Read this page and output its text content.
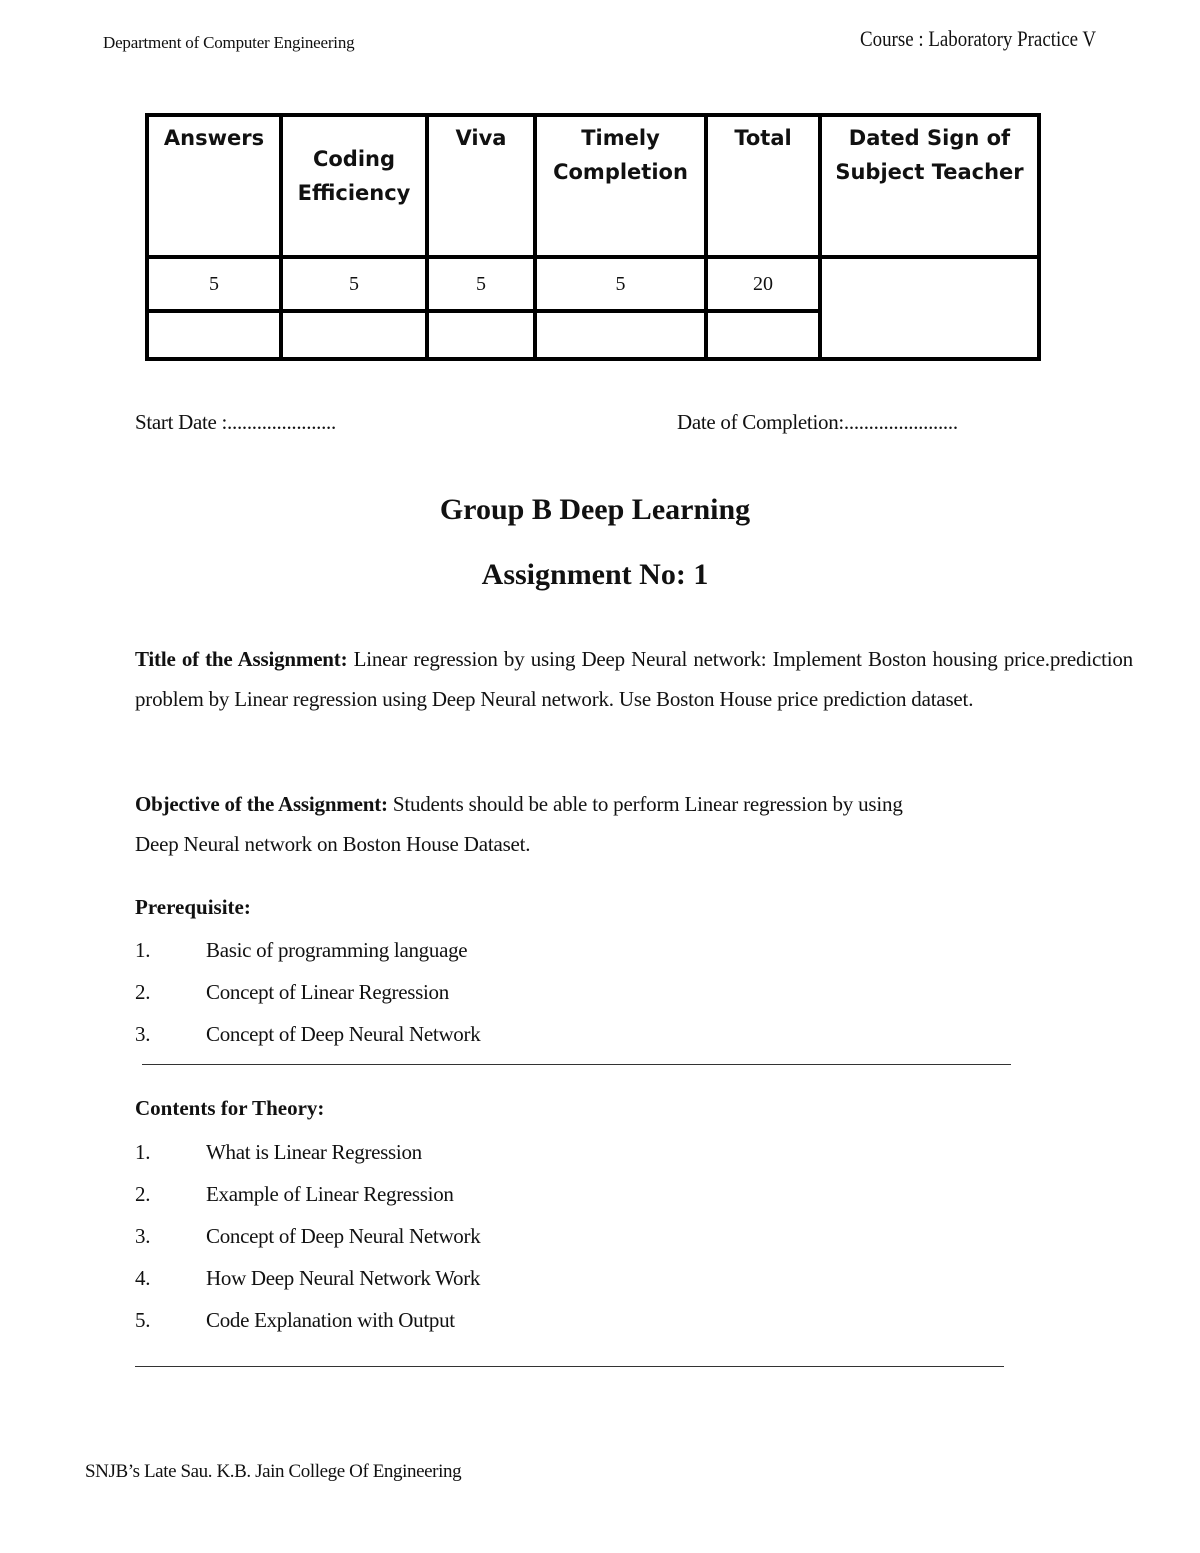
Department of Computer Engineering	Course : Laboratory Practice V
Answers	Coding Efficiency	Viva	Timely Completion	Total	Dated Sign of Subject Teacher

5	5	5	5	20	

Start Date :......................	Date of Completion:.......................
Group B Deep Learning
Assignment No: 1
Title of the Assignment: Linear regression by using Deep Neural network: Implement Boston housing price.prediction problem by Linear regression using Deep Neural network. Use Boston House price prediction dataset.
Objective of the Assignment: Students should be able to perform Linear regression by using
Deep Neural network on Boston House Dataset.
Prerequisite:
1.	Basic of programming language
2.	Concept of Linear Regression
3.	Concept of Deep Neural Network
Contents for Theory:
1.	What is Linear Regression
2.	Example of Linear Regression
3.	Concept of Deep Neural Network
4.	How Deep Neural Network Work
5.	Code Explanation with Output
SNJB’s Late Sau. K.B. Jain College Of Engineering
